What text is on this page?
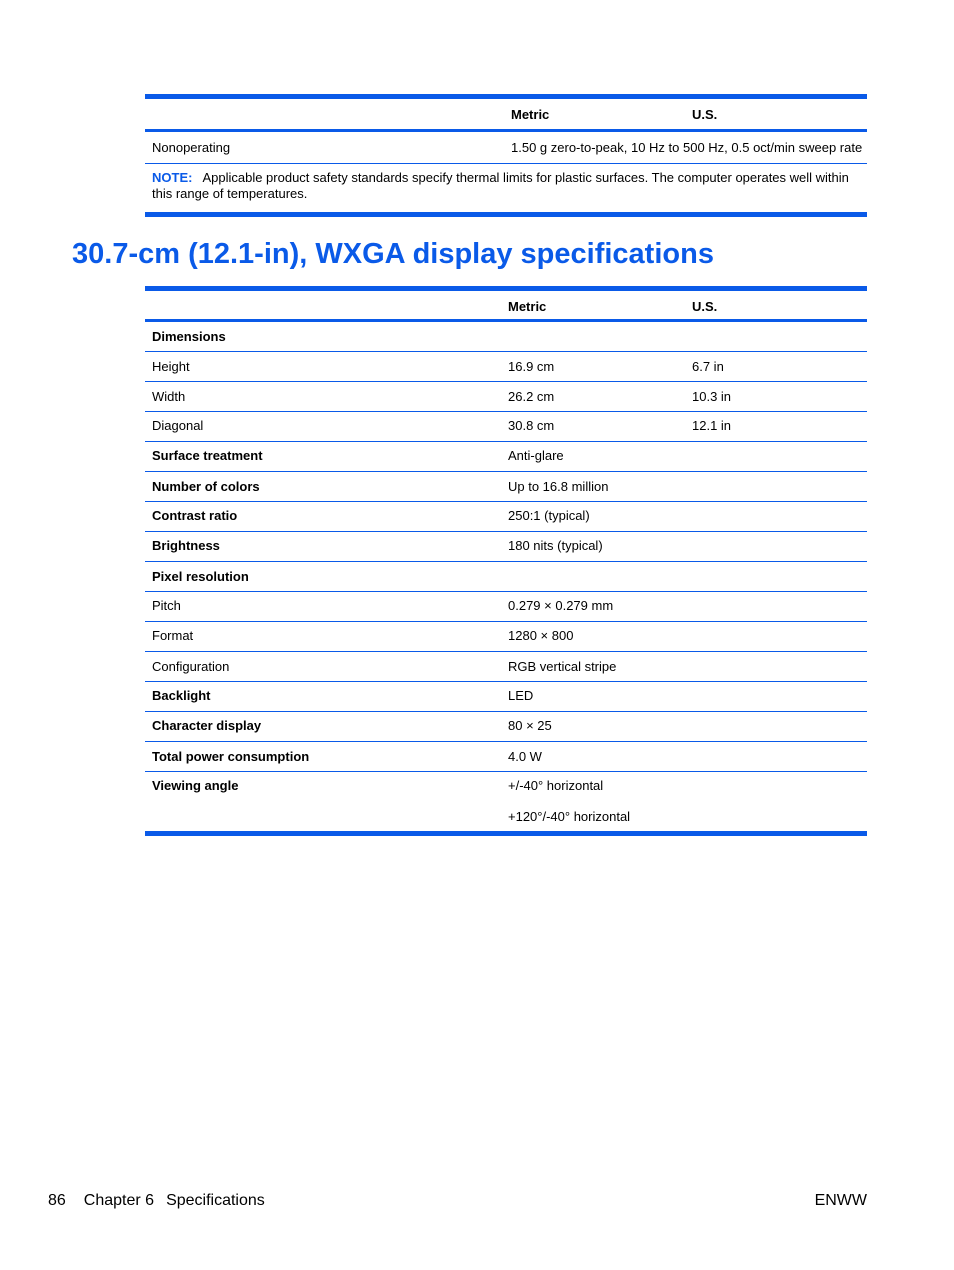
Metric	U.S.
Nonoperating	1.50 g zero-to-peak, 10 Hz to 500 Hz, 0.5 oct/min sweep rate
NOTE: Applicable product safety standards specify thermal limits for plastic surfaces. The computer operates well within this range of temperatures.
30.7-cm (12.1-in), WXGA display specifications
Metric	U.S.
Dimensions
Height	16.9 cm	6.7 in
Width	26.2 cm	10.3 in
Diagonal	30.8 cm	12.1 in
Surface treatment	Anti-glare
Number of colors	Up to 16.8 million
Contrast ratio	250:1 (typical)
Brightness	180 nits (typical)
Pixel resolution
Pitch	0.279 × 0.279 mm
Format	1280 × 800
Configuration	RGB vertical stripe
Backlight	LED
Character display	80 × 25
Total power consumption	4.0 W
Viewing angle	+/-40° horizontal
+120°/-40° horizontal
86 Chapter 6 Specifications	ENWW
